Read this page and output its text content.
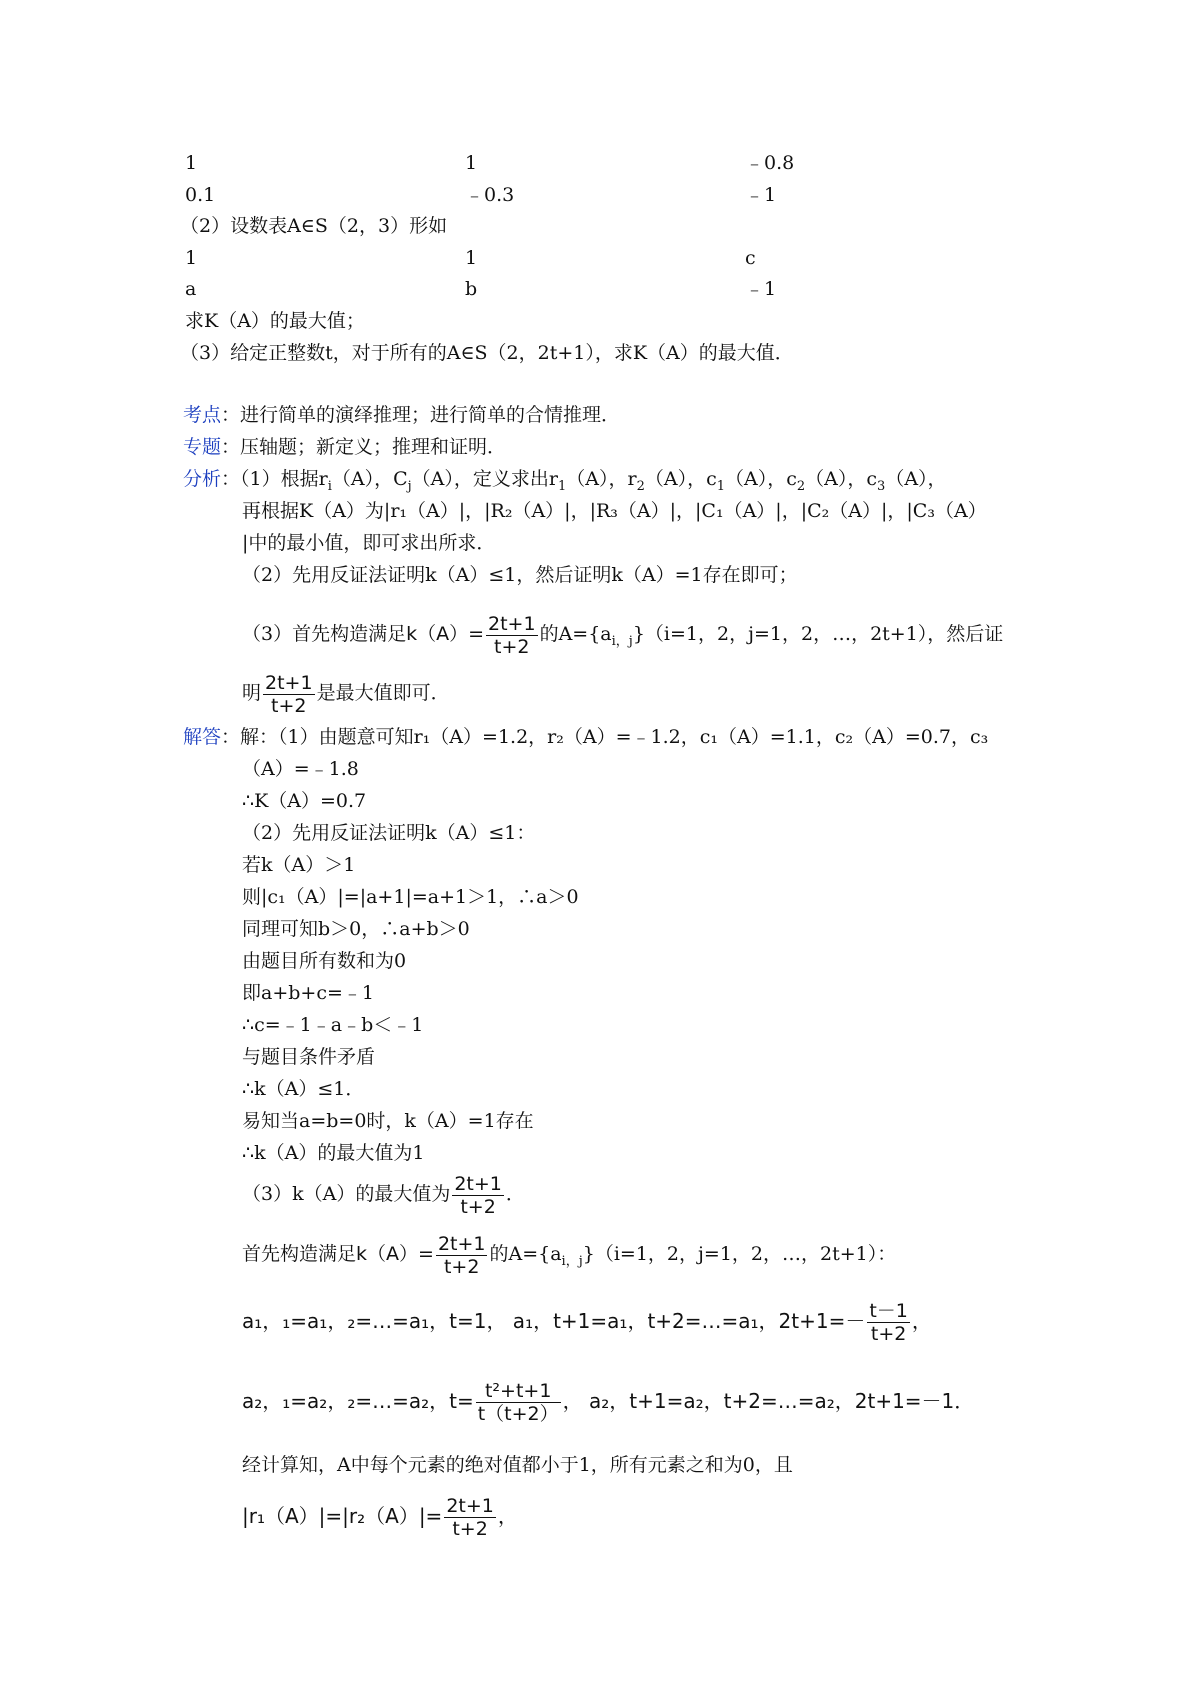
1	1	﹣0.8
0.1	﹣0.3	﹣1
（2）设数表A∈S（2，3）形如
1	1	c
a	b	﹣1
求K（A）的最大值；
（3）给定正整数t，对于所有的A∈S（2，2t+1），求K（A）的最大值．
考点：进行简单的演绎推理；进行简单的合情推理．
专题：压轴题；新定义；推理和证明．
分析：（1）根据$r_i(A)$，$C_j(A)$，定义求出$r_1(A)$，$r_2(A)$，$c_1(A)$，$c_2(A)$，$c_3(A)$，
再根据K（A）为|r₁（A）|，|R₂（A）|，|R₃（A）|，|C₁（A）|，|C₂（A）|，|C₃（A）
|中的最小值，即可求出所求．
（2）先用反证法证明k（A）≤1，然后证明k（A）=1存在即可；
（3）首先构造满足$k(A)= \frac{2t+1}{t+2}$ 的$A=\{a_{i,j}\}(i=1$，2，j=1，2，…，2t+1），然后证
明 $\frac{2t+1}{t+2}$ 是最大值即可．
解答：解：（1）由题意可知r₁（A）=1.2，r₂（A）=﹣1.2，c₁（A）=1.1，c₂（A）=0.7，c₃
（A）=﹣1.8
∴K（A）=0.7
（2）先用反证法证明k（A）≤1：
若k（A）＞1
则|c₁（A）|=|a+1|=a+1＞1，∴a＞0
同理可知b＞0，∴a+b＞0
由题目所有数和为0
即a+b+c=﹣1
∴c=﹣1﹣a﹣b＜﹣1
与题目条件矛盾
∴k（A）≤1．
易知当a=b=0时，k（A）=1存在
∴k（A）的最大值为1
（3）k（A）的最大值为 $\frac{2t+1}{t+2}$ ．
首先构造满足$k(A)= \frac{2t+1}{t+2}$ 的$A=\{a_{i,j}\}(i=1$，2，j=1，2，…，2t+1）：
a₁，₁=a₁，₂=…=a₁，t=1， a₁，t+1=a₁，t+2=…=a₁，$2t+1=- \frac{t-1}{t+2}$ ，
a₂，₁=a₂，₂=…=a₂，$t= \frac{\text{t²+t+1}}{t(t+2)}$ ， a₂，t+1=a₂，t+2=…=a₂，2t+1=－1．
经计算知，A中每个元素的绝对值都小于1，所有元素之和为0，且
$|r_1(A)|=|r_2(A)|= \frac{2t+1}{t+2}$ ，
